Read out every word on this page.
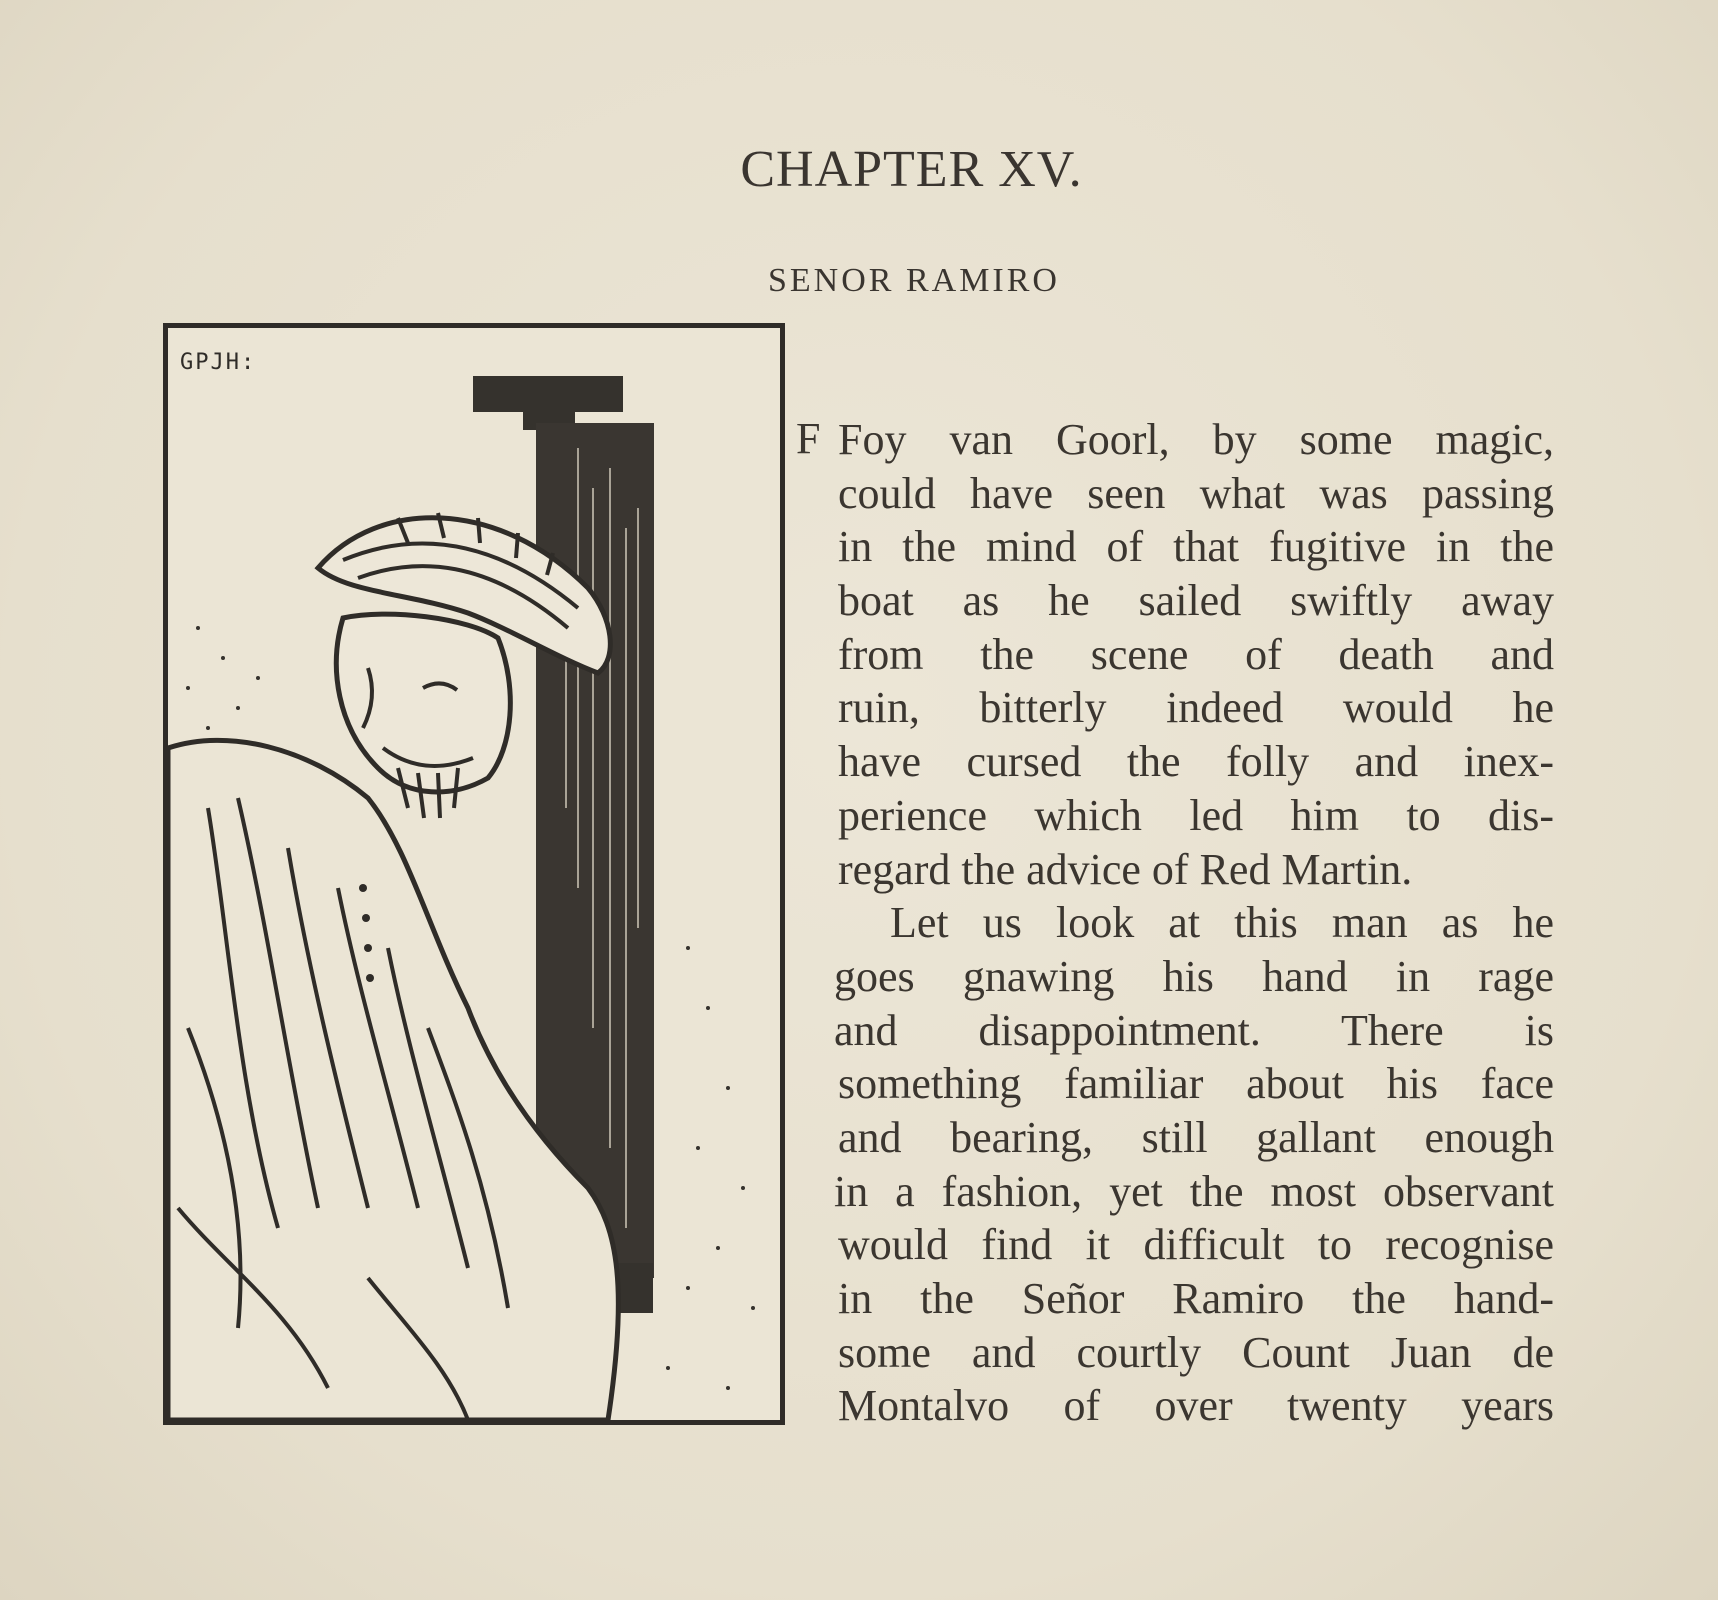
CHAPTER XV.
SENOR RAMIRO
GPJH:
F Foy van Goorl, by some magic,
could have seen what was passing
in the mind of that fugitive in the
boat as he sailed swiftly away
from the scene of death and
ruin, bitterly indeed would he
have cursed the folly and inex-
perience which led him to dis-
regard the advice of Red Martin.
Let us look at this man as he
goes gnawing his hand in rage
and disappointment. There is
something familiar about his face
and bearing, still gallant enough
in a fashion, yet the most observant
would find it difficult to recognise
in the Señor Ramiro the hand-
some and courtly Count Juan de
Montalvo of over twenty years
